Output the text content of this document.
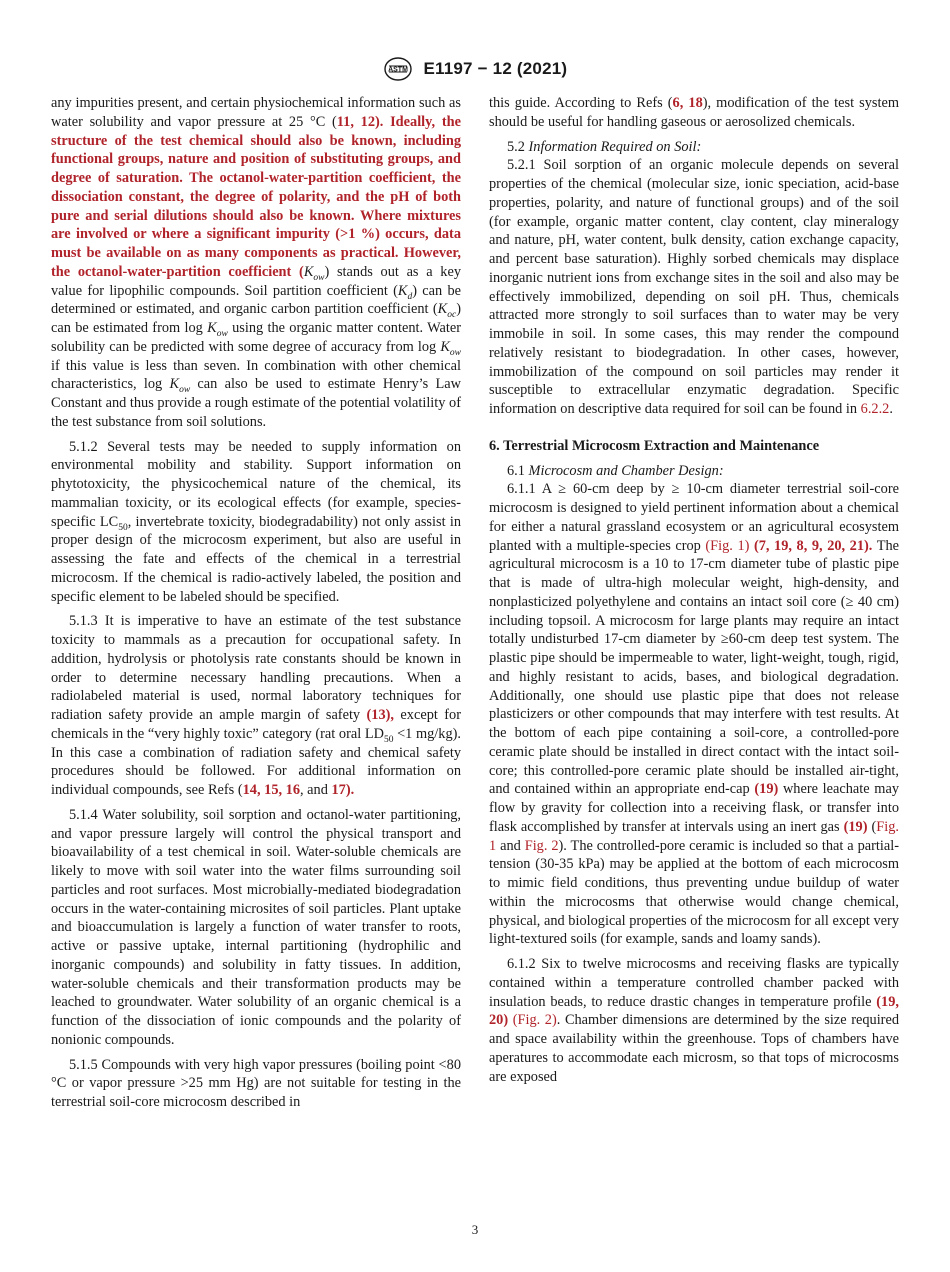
ASTM E1197 − 12 (2021)

any impurities present, and certain physiochemical information such as water solubility and vapor pressure at 25 °C (11, 12). Ideally, the structure of the test chemical should also be known, including functional groups, nature and position of substituting groups, and degree of saturation. The octanol-water-partition coefficient, the dissociation constant, the degree of polarity, and the pH of both pure and serial dilutions should also be known. Where mixtures are involved or where a significant impurity (>1 %) occurs, data must be available on as many components as practical. However, the octanol-water-partition coefficient $(K_{ow})$ stands out as a key value for lipophilic compounds. Soil partition coefficient $(K_d)$ can be determined or estimated, and organic carbon partition coefficient $(K_{oc})$ can be estimated from $\log K_{ow}$ using the organic matter content. Water solubility can be predicted with some degree of accuracy from $\log K_{ow}$ if this value is less than seven. In combination with other chemical characteristics, $\log K_{ow}$ can also be used to estimate Henry’s Law Constant and thus provide a rough estimate of the potential volatility of the test substance from soil solutions.

5.1.2 Several tests may be needed to supply information on environmental mobility and stability. Support information on phytotoxicity, the physicochemical nature of the chemical, its mammalian toxicity, or its ecological effects (for example, species-specific $LC_{50}$, invertebrate toxicity, biodegradability) not only assist in proper design of the microcosm experiment, but also are useful in assessing the fate and effects of the chemical in a terrestrial microcosm. If the chemical is radio-actively labeled, the position and specific element to be labeled should be specified.

5.1.3 It is imperative to have an estimate of the test substance toxicity to mammals as a precaution for occupational safety. In addition, hydrolysis or photolysis rate constants should be known in order to determine necessary handling precautions. When a radiolabeled material is used, normal laboratory techniques for radiation safety provide an ample margin of safety (13), except for chemicals in the “very highly toxic” category (rat oral $LD_{50} <1$ mg/kg). In this case a combination of radiation safety and chemical safety procedures should be followed. For additional information on individual compounds, see Refs (14, 15, 16, and 17).

5.1.4 Water solubility, soil sorption and octanol-water partitioning, and vapor pressure largely will control the physical transport and bioavailability of a test chemical in soil. Water-soluble chemicals are likely to move with soil water into the water films surrounding soil particles and root surfaces. Most microbially-mediated biodegradation occurs in the water-containing microsites of soil particles. Plant uptake and bioaccumulation is largely a function of water transfer to roots, active or passive uptake, internal partitioning (hydrophilic and inorganic compounds) and solubility in fatty tissues. In addition, water-soluble chemicals and their transformation products may be leached to groundwater. Water solubility of an organic chemical is a function of the dissociation of ionic compounds and the polarity of nonionic compounds.

5.1.5 Compounds with very high vapor pressures (boiling point <80 °C or vapor pressure >25 mm Hg) are not suitable for testing in the terrestrial soil-core microcosm described in

this guide. According to Refs (6, 18), modification of the test system should be useful for handling gaseous or aerosolized chemicals.

5.2 Information Required on Soil:

5.2.1 Soil sorption of an organic molecule depends on several properties of the chemical (molecular size, ionic speciation, acid-base properties, polarity, and nature of functional groups) and of the soil (for example, organic matter content, clay content, clay mineralogy and nature, pH, water content, bulk density, cation exchange capacity, and percent base saturation). Highly sorbed chemicals may displace inorganic nutrient ions from exchange sites in the soil and also may be effectively immobilized, depending on soil pH. Thus, chemicals attracted more strongly to soil surfaces than to water may be very immobile in soil. In some cases, this may render the compound relatively resistant to biodegradation. In other cases, however, immobilization of the compound on soil particles may render it susceptible to extracellular enzymatic degradation. Specific information on descriptive data required for soil can be found in 6.2.2.

6. Terrestrial Microcosm Extraction and Maintenance

6.1 Microcosm and Chamber Design:

6.1.1 A ≥ 60-cm deep by ≥ 10-cm diameter terrestrial soil-core microcosm is designed to yield pertinent information about a chemical for either a natural grassland ecosystem or an agricultural ecosystem planted with a multiple-species crop (Fig. 1) (7, 19, 8, 9, 20, 21). The agricultural microcosm is a 10 to 17-cm diameter tube of plastic pipe that is made of ultra-high molecular weight, high-density, and nonplasticized polyethylene and contains an intact soil core (≥ 40 cm) including topsoil. A microcosm for large plants may require an intact totally undisturbed 17-cm diameter by ≥60-cm deep test system. The plastic pipe should be impermeable to water, light-weight, tough, rigid, and highly resistant to acids, bases, and biological degradation. Additionally, one should use plastic pipe that does not release plasticizers or other compounds that may interfere with test results. At the bottom of each pipe containing a soil-core, a controlled-pore ceramic plate should be installed in direct contact with the intact soil-core; this controlled-pore ceramic plate should be installed air-tight, and contained within an appropriate end-cap (19) where leachate may flow by gravity for collection into a receiving flask, or transfer into flask accomplished by transfer at intervals using an inert gas (19) (Fig. 1 and Fig. 2). The controlled-pore ceramic is included so that a partial-tension (30-35 kPa) may be applied at the bottom of each microcosm to mimic field conditions, thus preventing undue buildup of water within the microcosms that otherwise would change chemical, physical, and biological properties of the microcosm for all except very light-textured soils (for example, sands and loamy sands).

6.1.2 Six to twelve microcosms and receiving flasks are typically contained within a temperature controlled chamber packed with insulation beads, to reduce drastic changes in temperature profile (19, 20) (Fig. 2). Chamber dimensions are determined by the size required and space availability within the greenhouse. Tops of chambers have aperatures to accommodate each microsm, so that tops of microcosms are exposed

3
